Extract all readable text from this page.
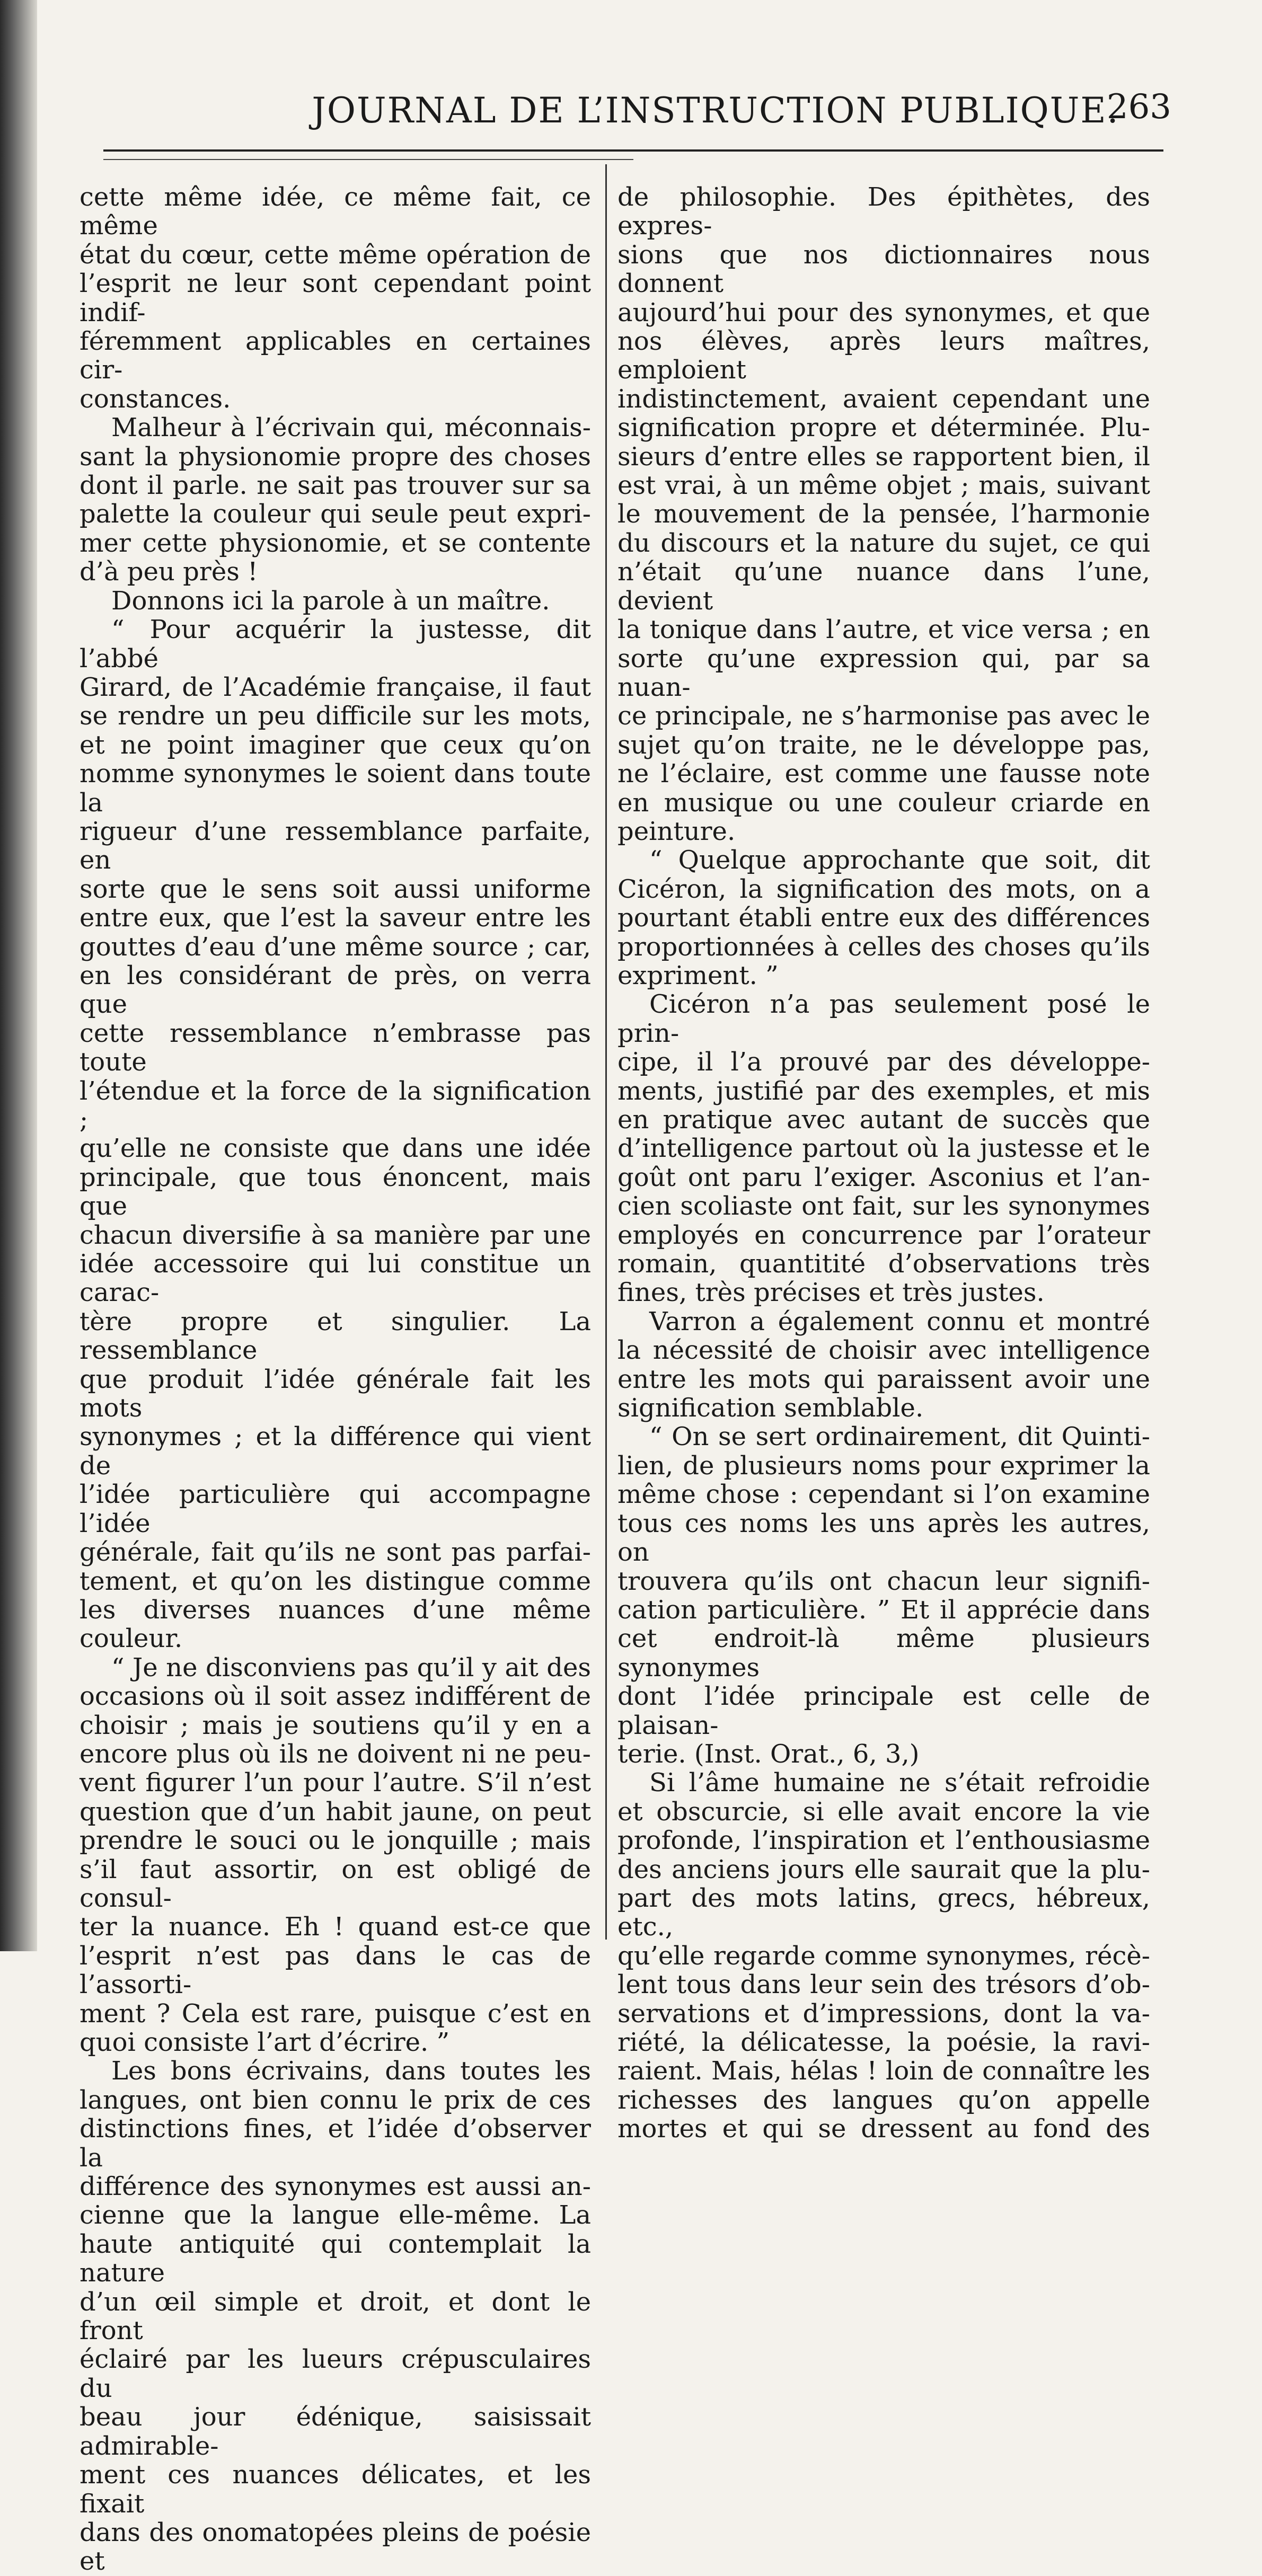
JOURNAL DE L’INSTRUCTION PUBLIQUE.
263

cette même idée, ce même fait, ce même

état du cœur, cette même opération de

l’esprit ne leur sont cependant point indif-

féremment applicables en certaines cir-

constances.

Malheur à l’écrivain qui, méconnais-

sant la physionomie propre des choses

dont il parle. ne sait pas trouver sur sa

palette la couleur qui seule peut expri-

mer cette physionomie, et se contente

d’à peu près !

Donnons ici la parole à un maître.

“ Pour acquérir la justesse, dit l’abbé

Girard, de l’Académie française, il faut

se rendre un peu difficile sur les mots,

et ne point imaginer que ceux qu’on

nomme synonymes le soient dans toute la

rigueur d’une ressemblance parfaite, en

sorte que le sens soit aussi uniforme

entre eux, que l’est la saveur entre les

gouttes d’eau d’une même source ; car,

en les considérant de près, on verra que

cette ressemblance n’embrasse pas toute

l’étendue et la force de la signification ;

qu’elle ne consiste que dans une idée

principale, que tous énoncent, mais que

chacun diversifie à sa manière par une

idée accessoire qui lui constitue un carac-

tère propre et singulier. La ressemblance

que produit l’idée générale fait les mots

synonymes ; et la différence qui vient de

l’idée particulière qui accompagne l’idée

générale, fait qu’ils ne sont pas parfai-

tement, et qu’on les distingue comme

les diverses nuances d’une même couleur.

“ Je ne disconviens pas qu’il y ait des

occasions où il soit assez indifférent de

choisir ; mais je soutiens qu’il y en a

encore plus où ils ne doivent ni ne peu-

vent figurer l’un pour l’autre. S’il n’est

question que d’un habit jaune, on peut

prendre le souci ou le jonquille ; mais

s’il faut assortir, on est obligé de consul-

ter la nuance. Eh ! quand est-ce que

l’esprit n’est pas dans le cas de l’assorti-

ment ? Cela est rare, puisque c’est en

quoi consiste l’art d’écrire. ”

Les bons écrivains, dans toutes les

langues, ont bien connu le prix de ces

distinctions fines, et l’idée d’observer la

différence des synonymes est aussi an-

cienne que la langue elle-même. La

haute antiquité qui contemplait la nature

d’un œil simple et droit, et dont le front

éclairé par les lueurs crépusculaires du

beau jour édénique, saisissait admirable-

ment ces nuances délicates, et les fixait

dans des onomatopées pleins de poésie et

de philosophie. Des épithètes, des expres-

sions que nos dictionnaires nous donnent

aujourd’hui pour des synonymes, et que

nos élèves, après leurs maîtres, emploient

indistinctement, avaient cependant une

signification propre et déterminée. Plu-

sieurs d’entre elles se rapportent bien, il

est vrai, à un même objet ; mais, suivant

le mouvement de la pensée, l’harmonie

du discours et la nature du sujet, ce qui

n’était qu’une nuance dans l’une, devient

la tonique dans l’autre, et vice versa ; en

sorte qu’une expression qui, par sa nuan-

ce principale, ne s’harmonise pas avec le

sujet qu’on traite, ne le développe pas,

ne l’éclaire, est comme une fausse note

en musique ou une couleur criarde en

peinture.

“ Quelque approchante que soit, dit

Cicéron, la signification des mots, on a

pourtant établi entre eux des différences

proportionnées à celles des choses qu’ils

expriment. ”

Cicéron n’a pas seulement posé le prin-

cipe, il l’a prouvé par des développe-

ments, justifié par des exemples, et mis

en pratique avec autant de succès que

d’intelligence partout où la justesse et le

goût ont paru l’exiger. Asconius et l’an-

cien scoliaste ont fait, sur les synonymes

employés en concurrence par l’orateur

romain, quantitité d’observations très

fines, très précises et très justes.

Varron a également connu et montré

la nécessité de choisir avec intelligence

entre les mots qui paraissent avoir une

signification semblable.

“ On se sert ordinairement, dit Quinti-

lien, de plusieurs noms pour exprimer la

même chose : cependant si l’on examine

tous ces noms les uns après les autres, on

trouvera qu’ils ont chacun leur signifi-

cation particulière. ” Et il apprécie dans

cet endroit-là même plusieurs synonymes

dont l’idée principale est celle de plaisan-

terie. (Inst. Orat., 6, 3,)

Si l’âme humaine ne s’était refroidie

et obscurcie, si elle avait encore la vie

profonde, l’inspiration et l’enthousiasme

des anciens jours elle saurait que la plu-

part des mots latins, grecs, hébreux, etc.,

qu’elle regarde comme synonymes, récè-

lent tous dans leur sein des trésors d’ob-

servations et d’impressions, dont la va-

riété, la délicatesse, la poésie, la ravi-

raient. Mais, hélas ! loin de connaître les

richesses des langues qu’on appelle

mortes et qui se dressent au fond des
